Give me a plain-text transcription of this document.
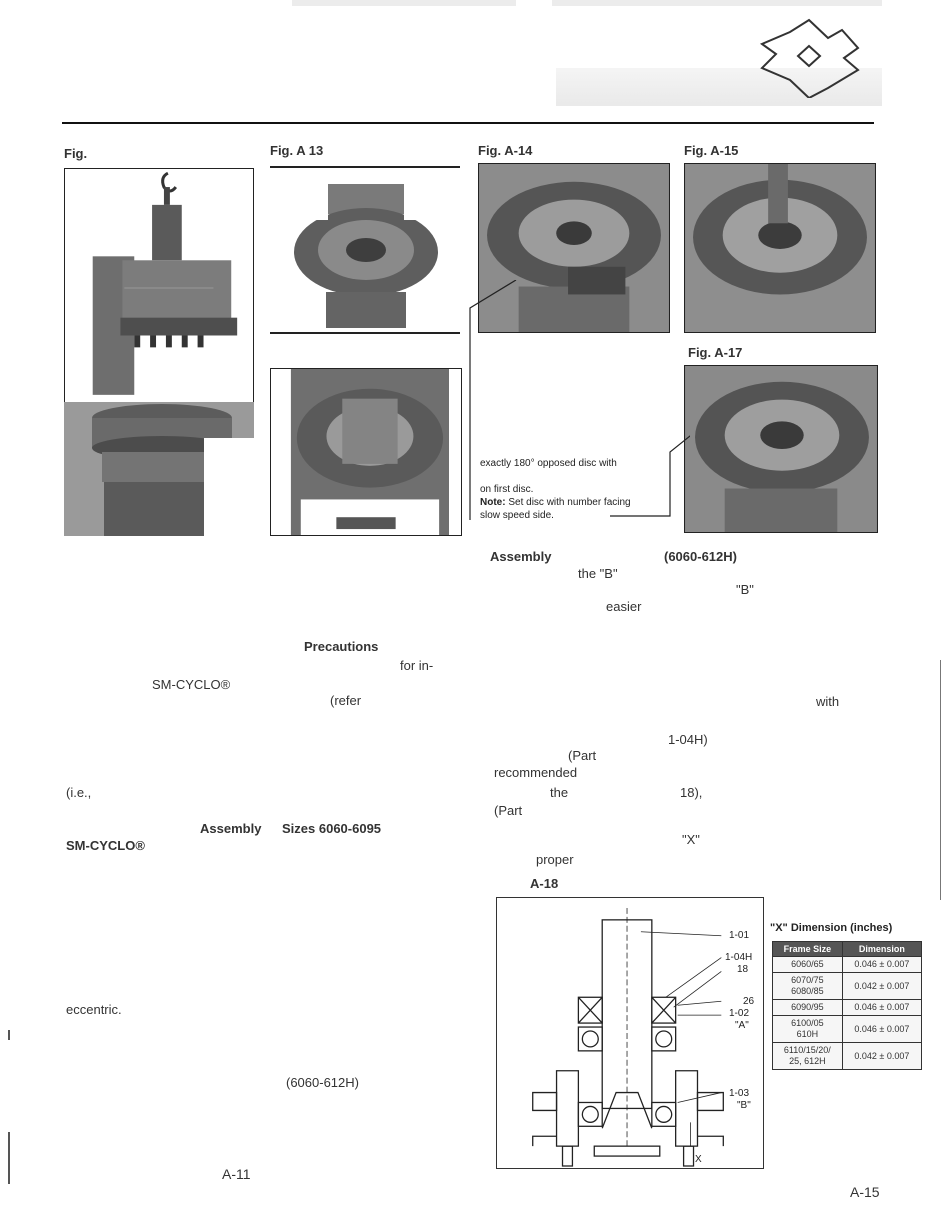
Fig.	Fig. A 13	Fig. A-14	Fig. A-15
Fig. A-17
exactly 180° opposed disc with
on first disc.
Note: Set disc with number facing
slow speed side.
Precautions
for in-
SM-CYCLO®
(refer
(i.e.,
Assembly Sizes 6060-6095
SM-CYCLO®
eccentric.
(6060-612H)
A-11
Assembly	(6060-612H)
the "B"
"B"
easier
with
(Part
1-04H)
recommended
the	18),
(Part
"X"
proper
A-18
1-01
1-04H
18
26
1-02
"A"
1-03
"B"
X
"X" Dimension (inches)
Frame Size	Dimension
6060/65	0.046 ± 0.007
6070/75
6080/85	0.042 ± 0.007
6090/95	0.046 ± 0.007
6100/05
610H	0.046 ± 0.007
6110/15/20/
25, 612H	0.042 ± 0.007
A-15
